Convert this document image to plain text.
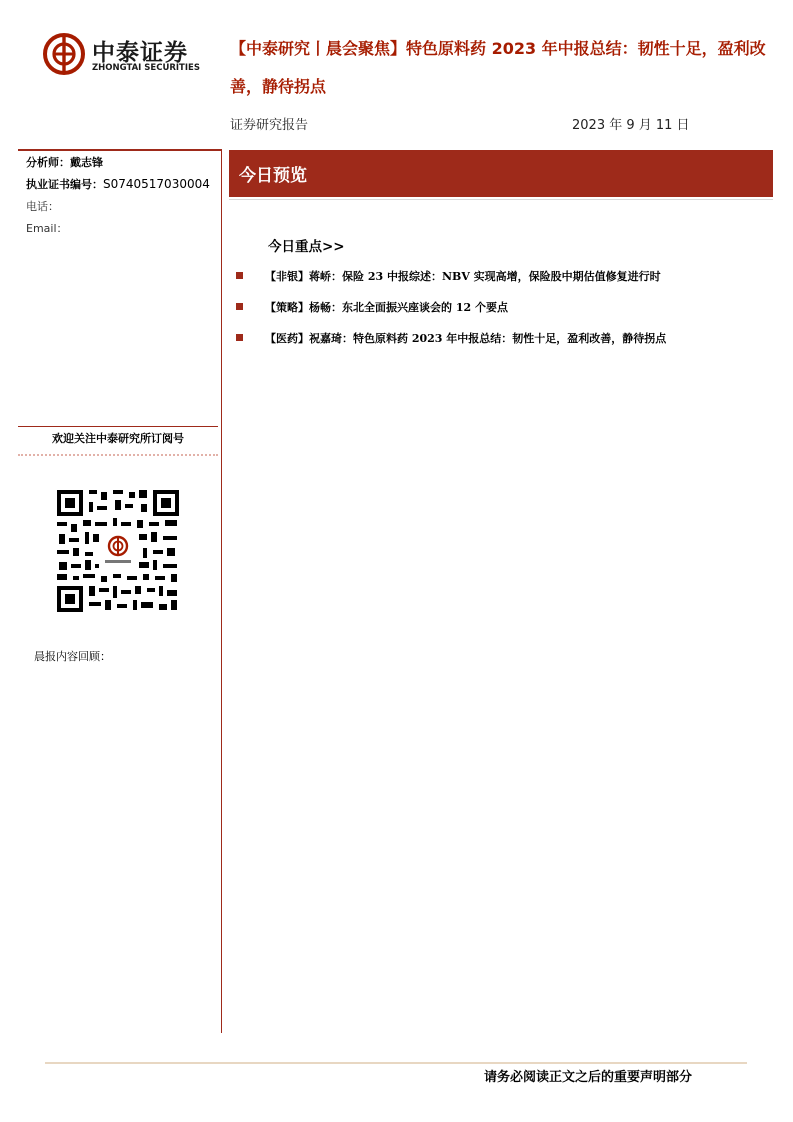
中泰证券
ZHONGTAI SECURITIES
【中泰研究丨晨会聚焦】特色原料药 2023 年中报总结：韧性十足，盈利改善，静待拐点
证券研究报告	2023 年 9 月 11 日
分析师：戴志锋
执业证书编号：S0740517030004
电话：
Email：
欢迎关注中泰研究所订阅号
晨报内容回顾：
今日预览
今日重点>>
【非银】蒋峤：保险 23 中报综述：NBV 实现高增，保险股中期估值修复进行时
【策略】杨畅：东北全面振兴座谈会的 12 个要点
【医药】祝嘉琦：特色原料药 2023 年中报总结：韧性十足，盈利改善，静待拐点
请务必阅读正文之后的重要声明部分
